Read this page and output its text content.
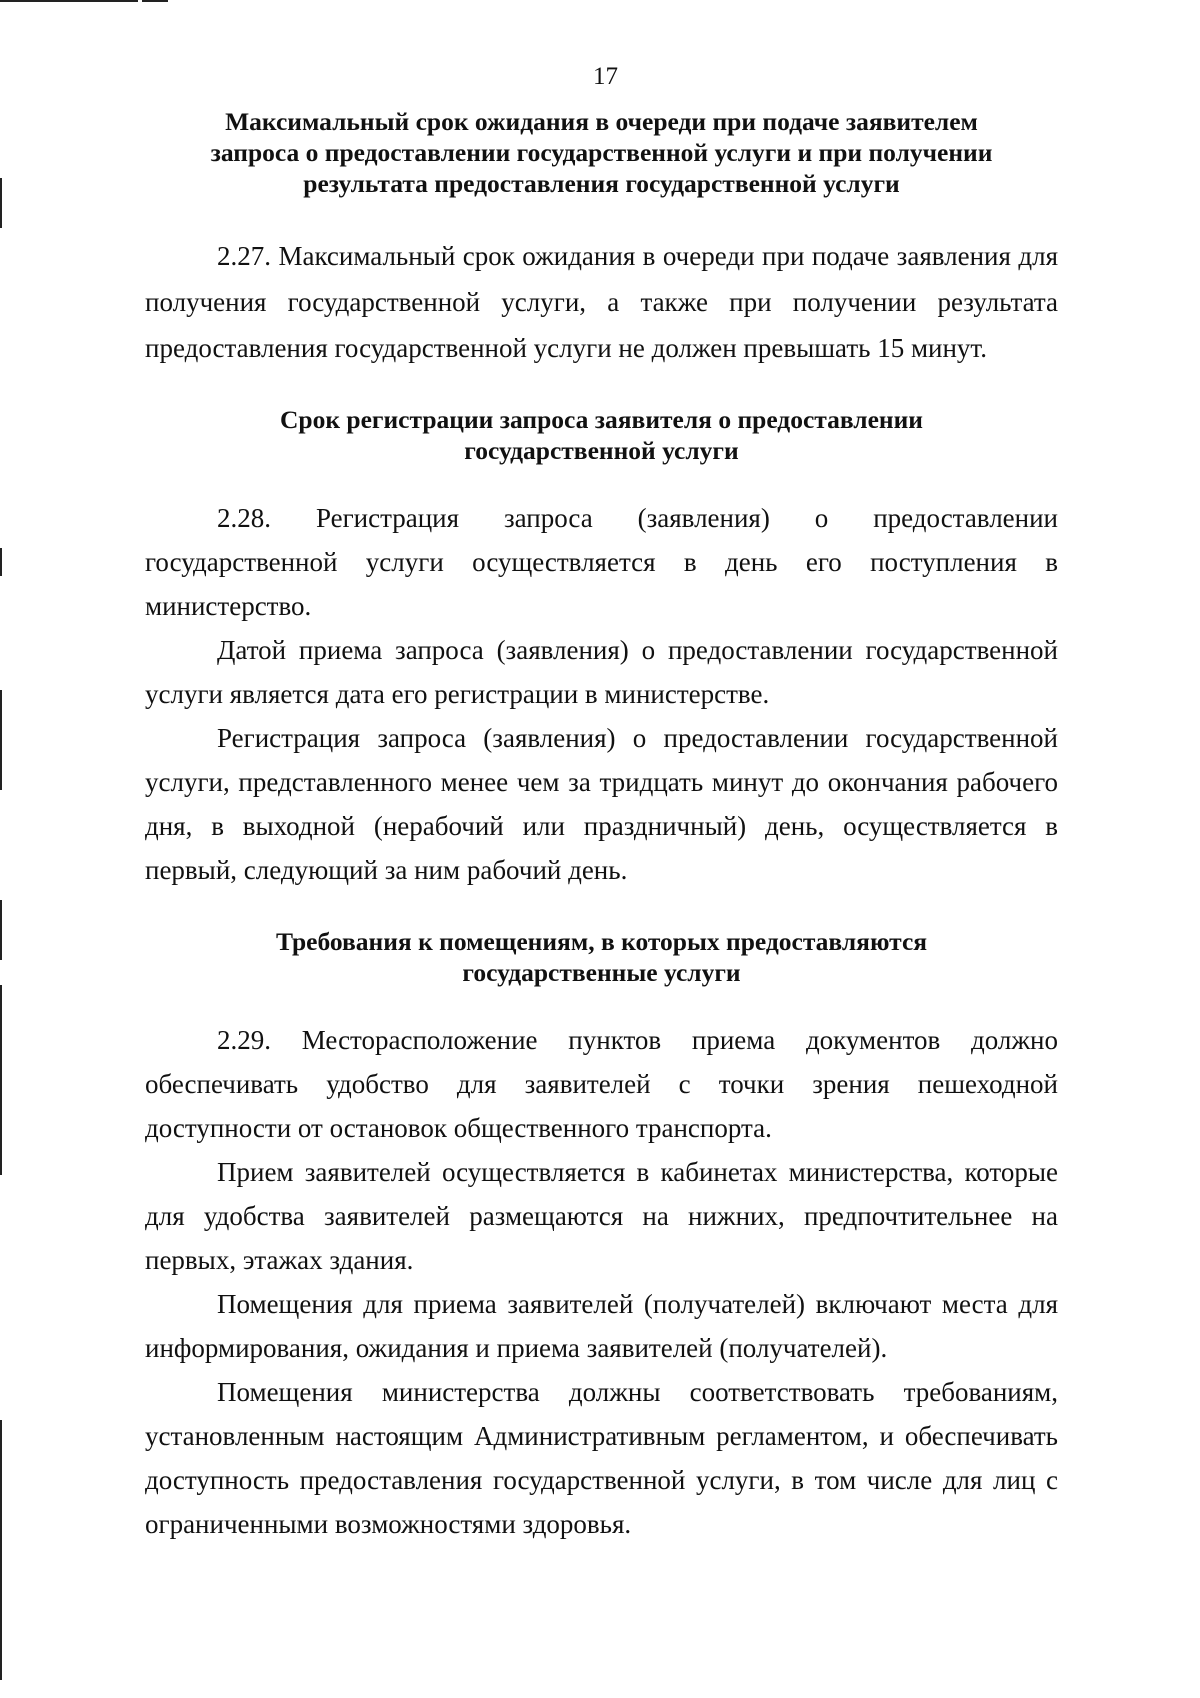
17
Максимальный срок ожидания в очереди при подаче заявителем
запроса о предоставлении государственной услуги и при получении
результата предоставления государственной услуги

2.27. Максимальный срок ожидания в очереди при подаче заявления для получения государственной услуги, а также при получении результата предоставления государственной услуги не должен превышать 15 минут.

Срок регистрации запроса заявителя о предоставлении
государственной услуги

2.28. Регистрация запроса (заявления) о предоставлении государственной услуги осуществляется в день его поступления в министерство.

Датой приема запроса (заявления) о предоставлении государственной услуги является дата его регистрации в министерстве.

Регистрация запроса (заявления) о предоставлении государственной услуги, представленного менее чем за тридцать минут до окончания рабочего дня, в выходной (нерабочий или праздничный) день, осуществляется в первый, следующий за ним рабочий день.

Требования к помещениям, в которых предоставляются
государственные услуги

2.29. Месторасположение пунктов приема документов должно обеспечивать удобство для заявителей с точки зрения пешеходной доступности от остановок общественного транспорта.

Прием заявителей осуществляется в кабинетах министерства, которые для удобства заявителей размещаются на нижних, предпочтительнее на первых, этажах здания.

Помещения для приема заявителей (получателей) включают места для информирования, ожидания и приема заявителей (получателей).

Помещения министерства должны соответствовать требованиям, установленным настоящим Административным регламентом, и обеспечивать доступность предоставления государственной услуги, в том числе для лиц с ограниченными возможностями здоровья.
